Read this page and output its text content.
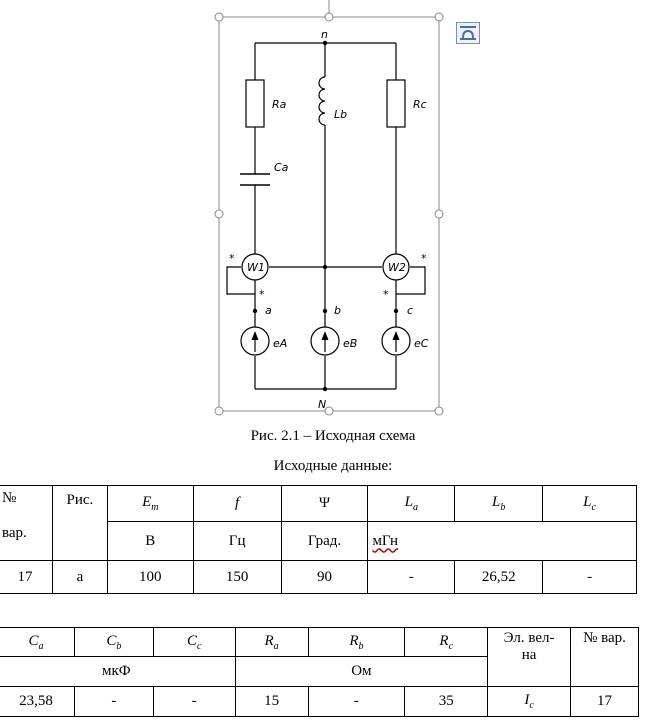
n
N
Ra
Lb
Rc
Ca
W1	W2
a	b	c
eA	eB	eC
*
*
*
*
Рис. 2.1 – Исходная схема
Исходные данные:
№
вар.	Рис.	$E_m$	f	Ψ	$L_a$	$L_b$	$L_c$
		В	Гц	Град.	мГн		
17	а	100	150	90	-	26,52	-
$C_a$	$C_b$	$C_c$	$R_a$	$R_b$	$R_c$	Эл. вел-
на	№ вар.
мкФ			Ом				
23,58	-	-	15	-	35	$I_c$	17
